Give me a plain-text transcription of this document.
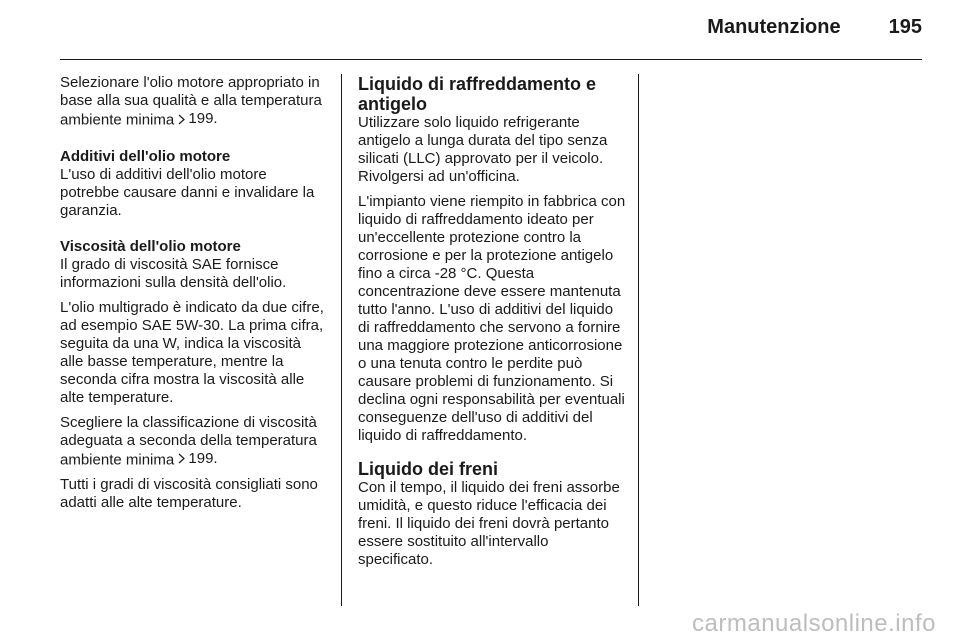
Manutenzione 195

Selezionare l'olio motore appropriato in base alla sua qualità e alla temperatura ambiente minima 199.

Additivi dell'olio motore

L'uso di additivi dell'olio motore potrebbe causare danni e invalidare la garanzia.

Viscosità dell'olio motore

Il grado di viscosità SAE fornisce informazioni sulla densità dell'olio.

L'olio multigrado è indicato da due cifre, ad esempio SAE 5W-30. La prima cifra, seguita da una W, indica la viscosità alle basse temperature, mentre la seconda cifra mostra la viscosità alle alte temperature.

Scegliere la classificazione di viscosità adeguata a seconda della temperatura ambiente minima 199.

Tutti i gradi di viscosità consigliati sono adatti alle alte temperature.

Liquido di raffreddamento e antigelo

Utilizzare solo liquido refrigerante antigelo a lunga durata del tipo senza silicati (LLC) approvato per il veicolo. Rivolgersi ad un'officina.

L'impianto viene riempito in fabbrica con liquido di raffreddamento ideato per un'eccellente protezione contro la corrosione e per la protezione antigelo fino a circa -28 °C. Questa concentrazione deve essere mantenuta tutto l'anno. L'uso di additivi del liquido di raffreddamento che servono a fornire una maggiore protezione anticorrosione o una tenuta contro le perdite può causare problemi di funzionamento. Si declina ogni responsabilità per eventuali conseguenze dell'uso di additivi del liquido di raffreddamento.

Liquido dei freni

Con il tempo, il liquido dei freni assorbe umidità, e questo riduce l'efficacia dei freni. Il liquido dei freni dovrà pertanto essere sostituito all'intervallo specificato.

carmanualsonline.info
